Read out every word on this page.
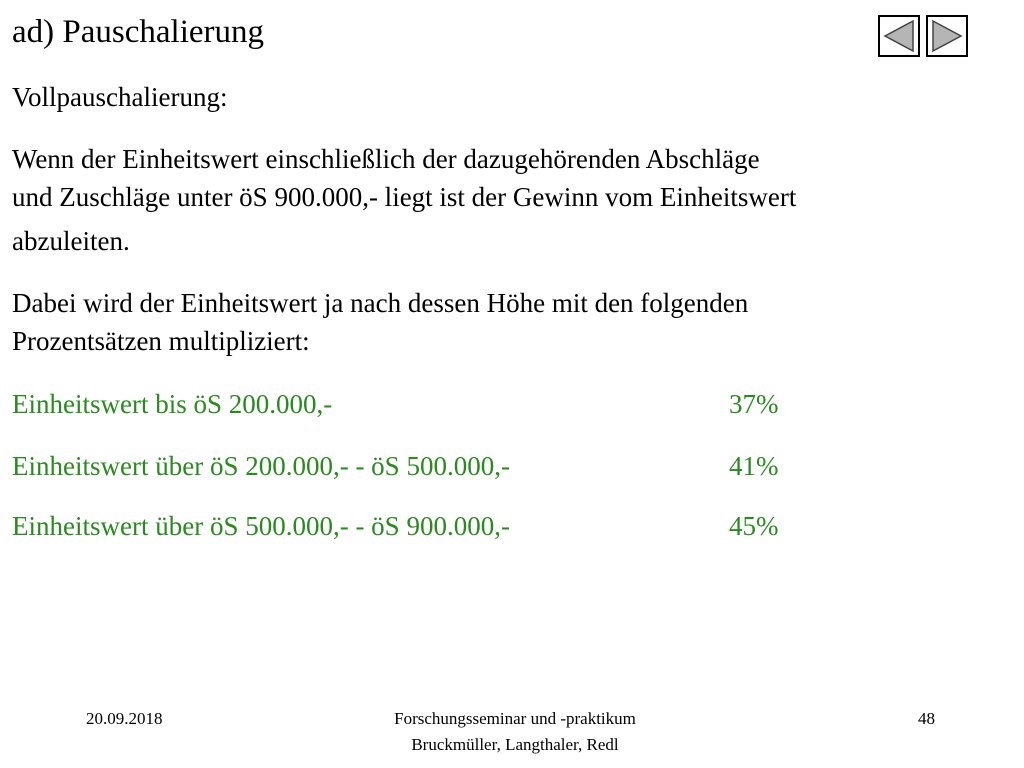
ad) Pauschalierung
Vollpauschalierung:
Wenn der Einheitswert einschließlich der dazugehörenden Abschläge
und Zuschläge unter öS 900.000,- liegt ist der Gewinn vom Einheitswert
abzuleiten.
Dabei wird der Einheitswert ja nach dessen Höhe mit den folgenden
Prozentsätzen multipliziert:
Einheitswert bis öS 200.000,-	37%
Einheitswert über öS 200.000,- - öS 500.000,-	41%
Einheitswert über öS 500.000,- - öS 900.000,-	45%
20.09.2018	Forschungsseminar und -praktikum
Bruckmüller, Langthaler, Redl
48
